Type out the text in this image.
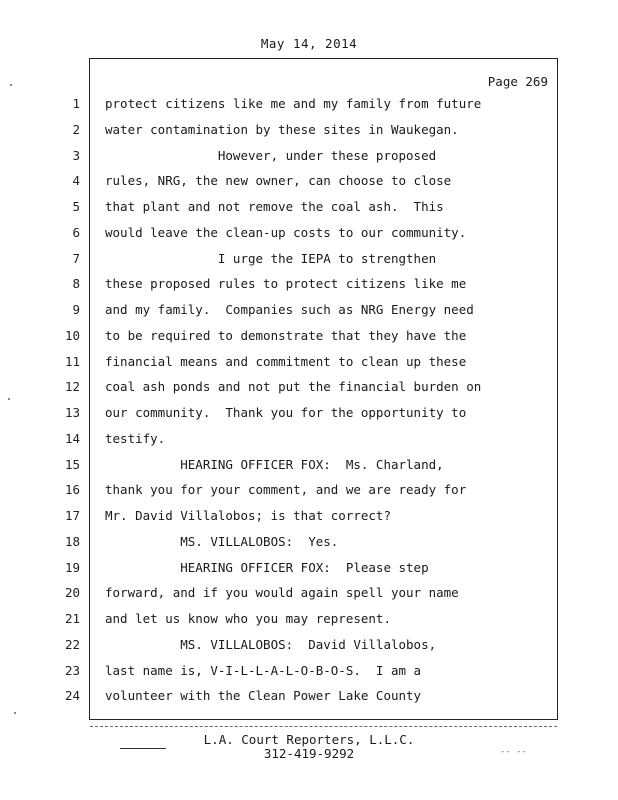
May 14, 2014
Page 269
1 protect citizens like me and my family from future
2 water contamination by these sites in Waukegan.
3 However, under these proposed
4 rules, NRG, the new owner, can choose to close
5 that plant and not remove the coal ash.  This
6 would leave the clean-up costs to our community.
7 I urge the IEPA to strengthen
8 these proposed rules to protect citizens like me
9 and my family.  Companies such as NRG Energy need
10 to be required to demonstrate that they have the
11 financial means and commitment to clean up these
12 coal ash ponds and not put the financial burden on
13 our community.  Thank you for the opportunity to
14 testify.
15 HEARING OFFICER FOX:  Ms. Charland,
16 thank you for your comment, and we are ready for
17 Mr. David Villalobos; is that correct?
18 MS. VILLALOBOS:  Yes.
19 HEARING OFFICER FOX:  Please step
20 forward, and if you would again spell your name
21 and let us know who you may represent.
22 MS. VILLALOBOS:  David Villalobos,
23 last name is, V-I-L-L-A-L-O-B-O-S.  I am a
24 volunteer with the Clean Power Lake County
-- --
L.A. Court Reporters, L.L.C.
312-419-9292
